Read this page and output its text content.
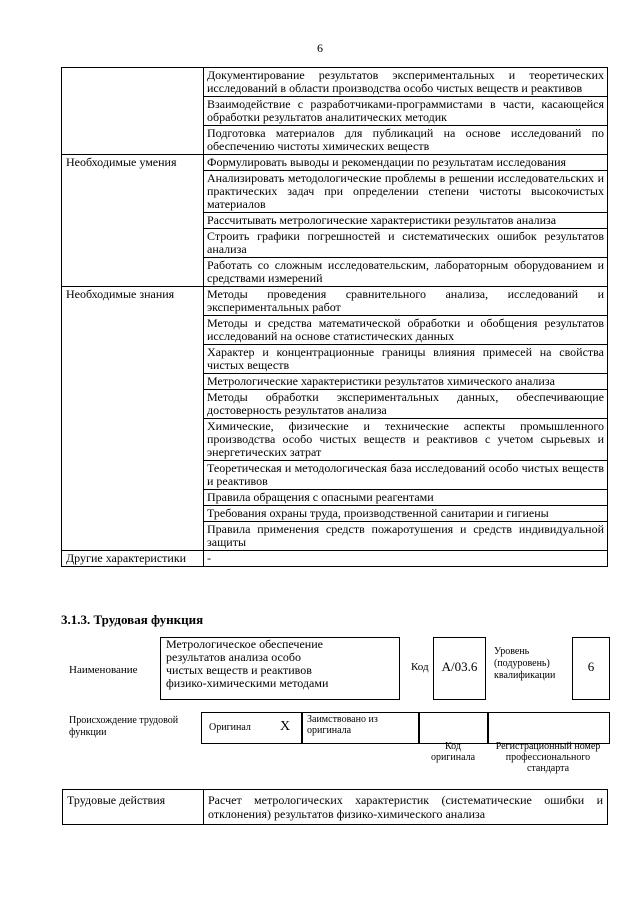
6
	Документирование результатов экспериментальных и теоретических исследований в области производства особо чистых веществ и реактивов
	Взаимодействие с разработчиками-программистами в части, касающейся обработки результатов аналитических методик
	Подготовка материалов для публикаций на основе исследований по обеспечению чистоты химических веществ
Необходимые умения	Формулировать выводы и рекомендации по результатам исследования
	Анализировать методологические проблемы в решении исследовательских и практических задач при определении степени чистоты высокочистых материалов
	Рассчитывать метрологические характеристики результатов анализа
	Строить графики погрешностей и систематических ошибок результатов анализа
	Работать со сложным исследовательским, лабораторным оборудованием и средствами измерений
Необходимые знания	Методы проведения сравнительного анализа, исследований и экспериментальных работ
	Методы и средства математической обработки и обобщения результатов исследований на основе статистических данных
	Характер и концентрационные границы влияния примесей на свойства чистых веществ
	Метрологические характеристики результатов химического анализа
	Методы обработки экспериментальных данных, обеспечивающие достоверность результатов анализа
	Химические, физические и технические аспекты промышленного производства особо чистых веществ и реактивов с учетом сырьевых и энергетических затрат
	Теоретическая и методологическая база исследований особо чистых веществ и реактивов
	Правила обращения с опасными реагентами
	Требования охраны труда, производственной санитарии и гигиены
	Правила применения средств пожаротушения и средств индивидуальной защиты
Другие характеристики	-
3.1.3. Трудовая функция
Наименование
Метрологическое обеспечение результатов анализа особо чистых веществ и реактивов физико-химическими методами
Код	А/03.6
Уровень (подуровень) квалификации
6
Происхождение трудовой функции	Оригинал X	Заимствовано из оригинала
Код оригинала
Регистрационный номер профессионального стандарта
Трудовые действия	Расчет метрологических характеристик (систематические ошибки и отклонения) результатов физико-химического анализа
